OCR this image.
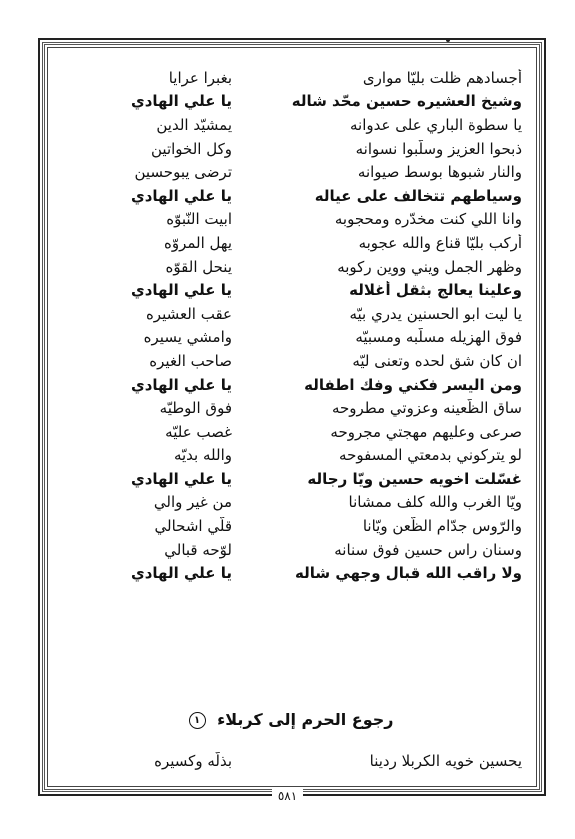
أجسادهم ظلت بليّا موارى
بغبرا عرايا
وشيخ العشيره حسين محّد شاله
يا علي الهادي
يا سطوة الباري على عدوانه
يمشيّد الدين
ذبحوا العزيز وسلّبوا نسوانه
وكل الخواتين
والنار شبوها بوسط صيوانه
ترضى يبوحسين
وسياطهم تتخالف على عياله
يا علي الهادي
وانا اللي كنت مخدّره ومحجوبه
ابيت النّبوّه
أركب بليّا قناع والله عجوبه
يهل المروّه
وظهر الجمل ويني ووين ركوبه
ينحل القوّه
وعلينا يعالج بثقل أغلاله
يا علي الهادي
يا ليت ابو الحسنين يدري بيّه
عقب العشيره
فوق الهزيله مسلّبه ومسبيّه
وامشي يسيره
ان كان شق لحده وتعنى ليّه
صاحب الغيره
ومن اليسر فكني وفك اطفاله
يا علي الهادي
ساق الظّعينه وعزوتي مطروحه
فوق الوطيّه
صرعى وعليهم مهجتي مجروحه
غصب عليّه
لو يتركوني بدمعتي المسفوحه
والله بديّه
غسّلت اخويه حسين ويّا رجاله
يا علي الهادي
ويّا الغرب والله كلف ممشانا
من غير والي
والرّوس جدّام الظّعن ويّانا
قلّي اشحالي
وسنان راس حسين فوق سنانه
لوّحه قبالي
ولا راقب الله قبال وجهي شاله
يا علي الهادي
رجوع الحرم إلى كربلاء ١
يحسين خويه الكربلا ردينا
بذلّه وكسيره
٥٨١
